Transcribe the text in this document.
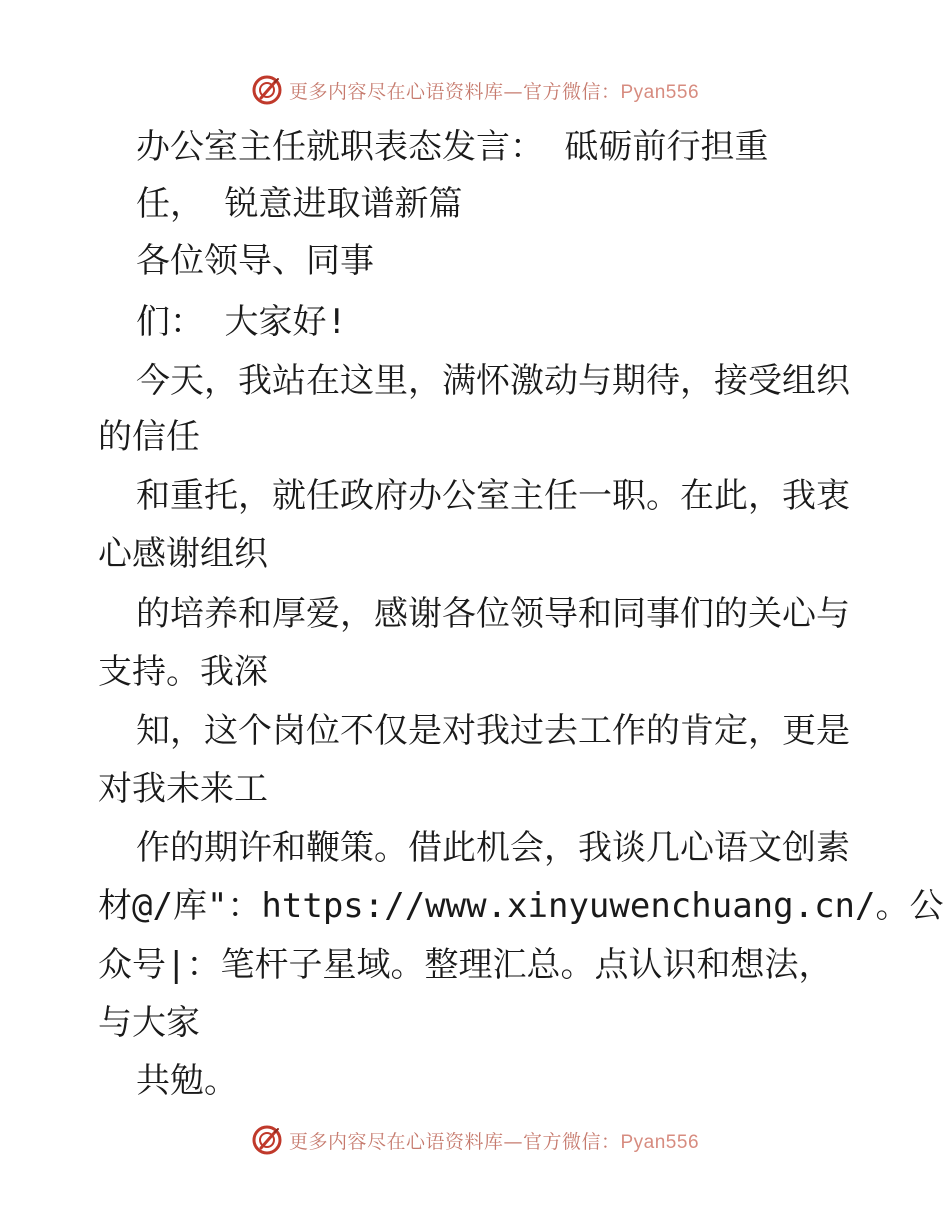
更多内容尽在心语资料库—官方微信：Pyan556
办公室主任就职表态发言： 砥砺前行担重
任， 锐意进取谱新篇
各位领导、同事
们： 大家好!
今天，我站在这里，满怀激动与期待，接受组织
的信任
和重托，就任政府办公室主任一职。在此，我衷
心感谢组织
的培养和厚爱，感谢各位领导和同事们的关心与
支持。我深
知，这个岗位不仅是对我过去工作的肯定，更是
对我未来工
作的期许和鞭策。借此机会，我谈几心语文创素
材@/库"：https://www.xinyuwenchuang.cn/。公
众号|：笔杆子星域。整理汇总。点认识和想法，
与大家
共勉。
更多内容尽在心语资料库—官方微信：Pyan556
